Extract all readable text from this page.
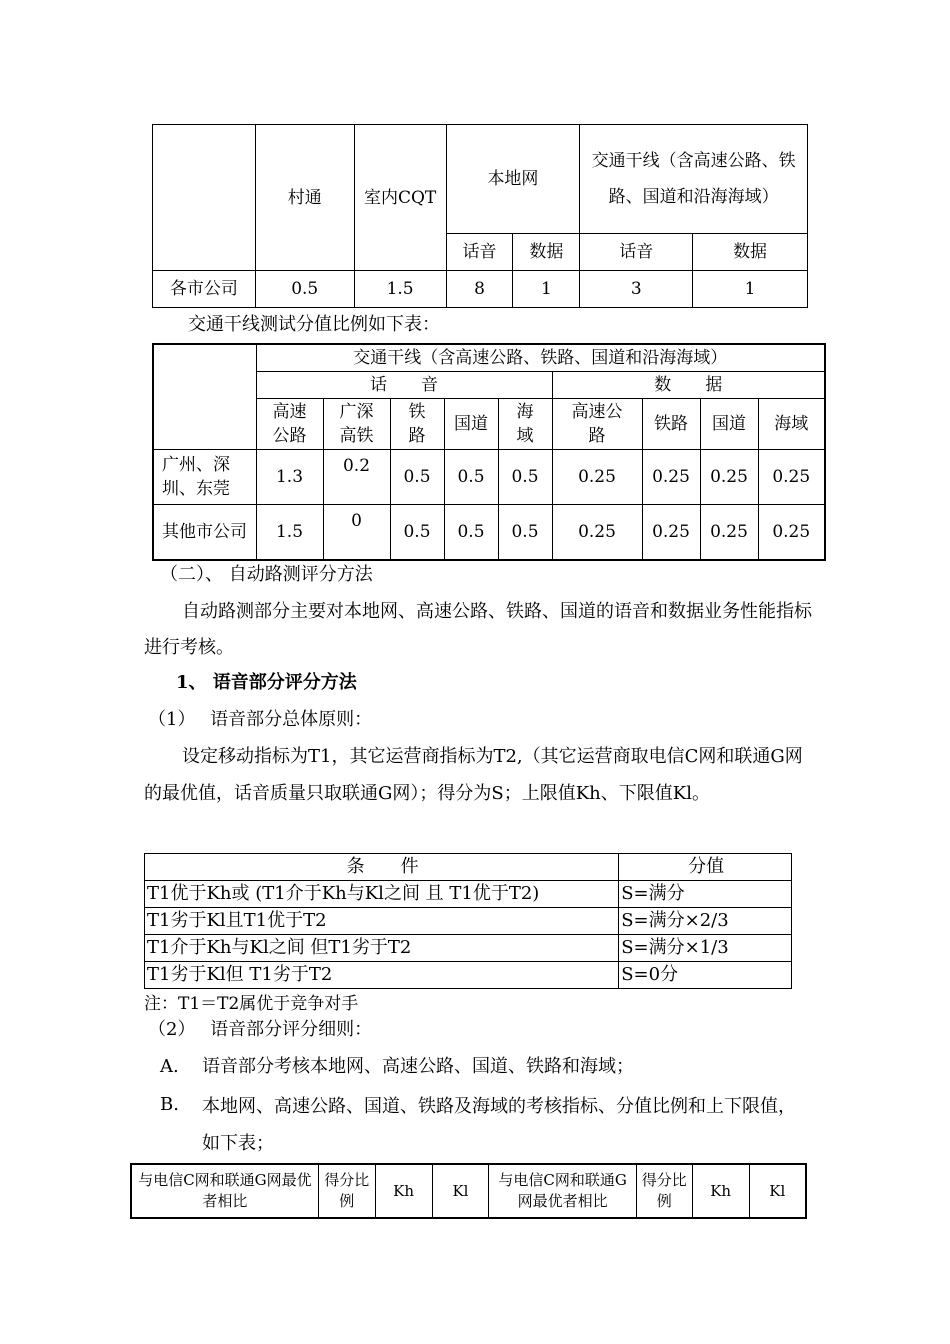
	村通	室内CQT	本地网		交通干线（含高速公路、铁路、国道和沿海海域）	
			话音	数据	话音	数据
各市公司	0.5	1.5	8	1	3	1
交通干线测试分值比例如下表：
	交通干线（含高速公路、铁路、国道和沿海海域）								
	话　　音					数　　据			
	高速公路	广深高铁	铁路	国道	海域	高速公路	铁路	国道	海域
广州、深圳、东莞	1.3	0.2	0.5	0.5	0.5	0.25	0.25	0.25	0.25
其他市公司	1.5	0	0.5	0.5	0.5	0.25	0.25	0.25	0.25
（二）、 自动路测评分方法
自动路测部分主要对本地网、高速公路、铁路、国道的语音和数据业务性能指标进行考核。
1、 语音部分评分方法
（1）　 语音部分总体原则：
设定移动指标为T1，其它运营商指标为T2,（其它运营商取电信C网和联通G网的最优值，话音质量只取联通G网）；得分为S；上限值Kh、下限值Kl。
条　　件	分值
T1优于Kh或 (T1介于Kh与Kl之间 且 T1优于T2)	S=满分
T1劣于Kl且T1优于T2	S=满分×2/3
T1介于Kh与Kl之间 但T1劣于T2	S=满分×1/3
T1劣于Kl但 T1劣于T2	S=0分
注：T1＝T2属优于竞争对手
（2）　 语音部分评分细则：
A. 语音部分考核本地网、高速公路、国道、铁路和海域；
B. 本地网、高速公路、国道、铁路及海域的考核指标、分值比例和上下限值，如下表；
与电信C网和联通G网最优者相比	得分比例	Kh	Kl	与电信C网和联通G网最优者相比	得分比例	Kh	Kl
